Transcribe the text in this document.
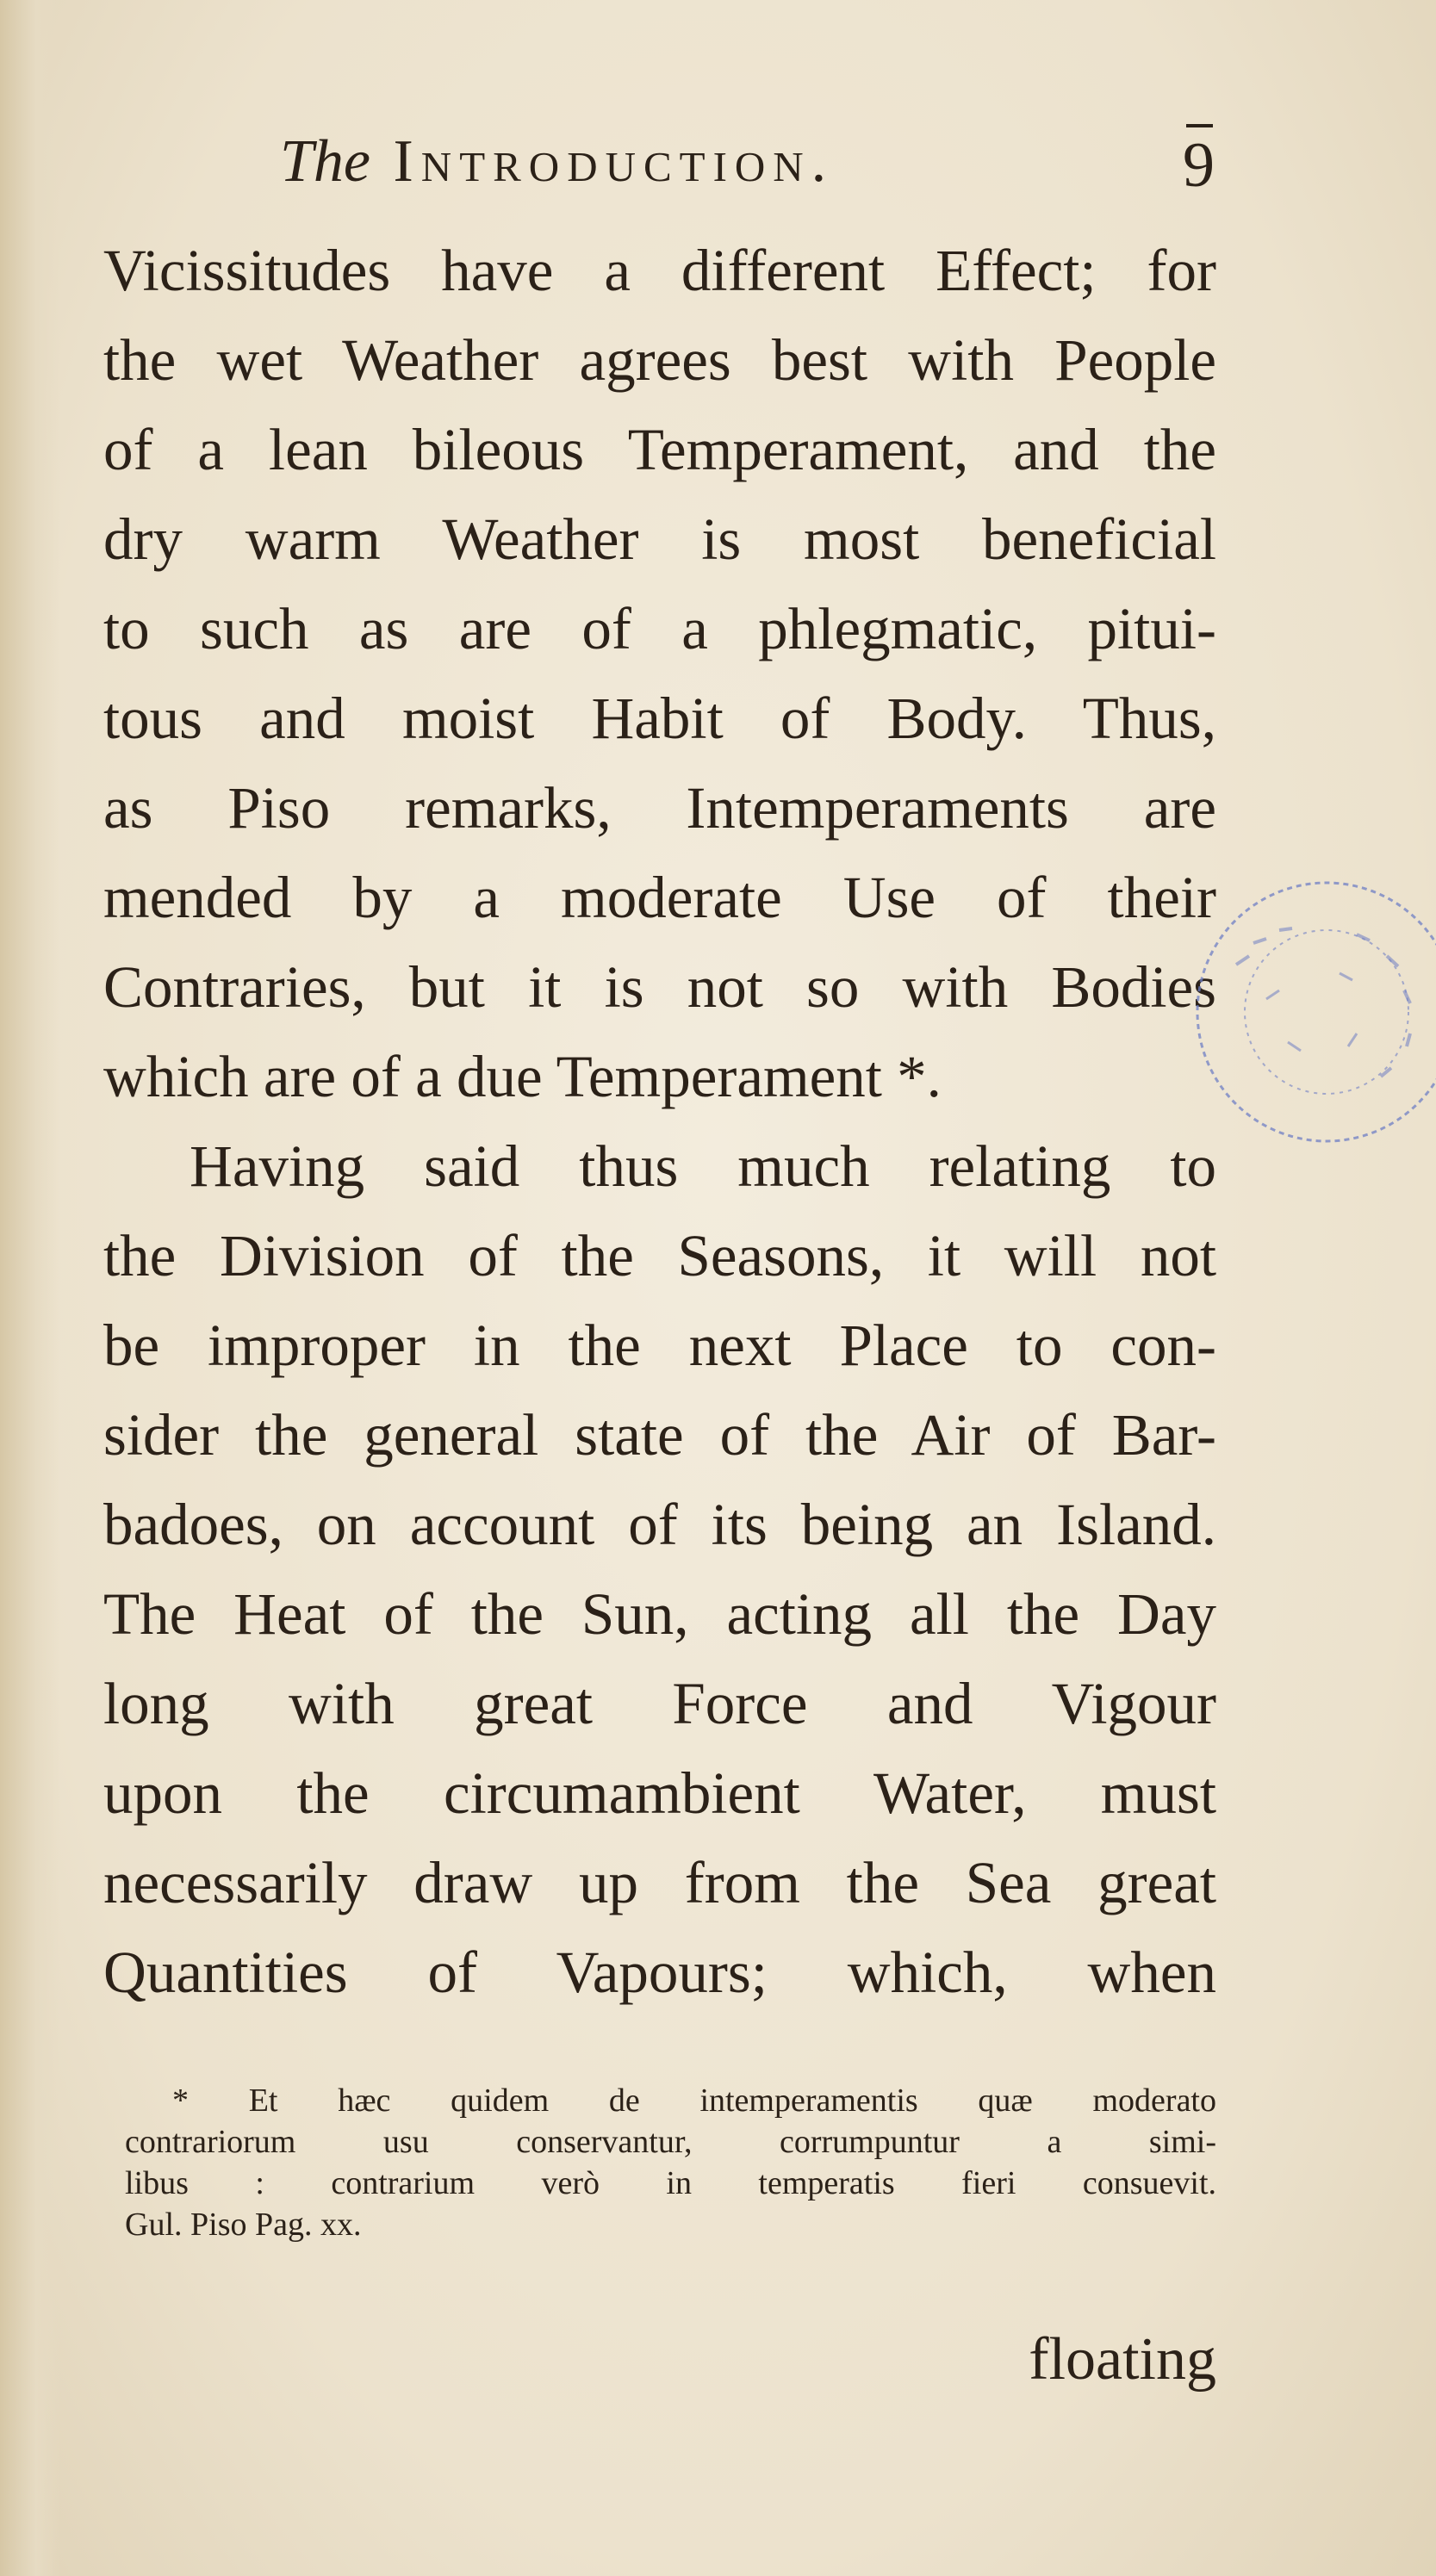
The Introduction.	9
Vicissitudes have a different Effect; for
the wet Weather agrees best with People
of a lean bileous Temperament, and the
dry warm Weather is most beneficial
to such as are of a phlegmatic, pitui-
tous and moist Habit of Body. Thus,
as Piso remarks, Intemperaments are
mended by a moderate Use of their
Contraries, but it is not so with Bodies
which are of a due Temperament *.
Having said thus much relating to
the Division of the Seasons, it will not
be improper in the next Place to con-
sider the general state of the Air of Bar-
badoes, on account of its being an Island.
The Heat of the Sun, acting all the Day
long with great Force and Vigour
upon the circumambient Water, must
necessarily draw up from the Sea great
Quantities of Vapours; which, when
* Et hæc quidem de intemperamentis quæ moderato
contrariorum usu conservantur, corrumpuntur a simi-
libus : contrarium verò in temperatis fieri consuevit.
Gul. Piso Pag. xx.
floating
